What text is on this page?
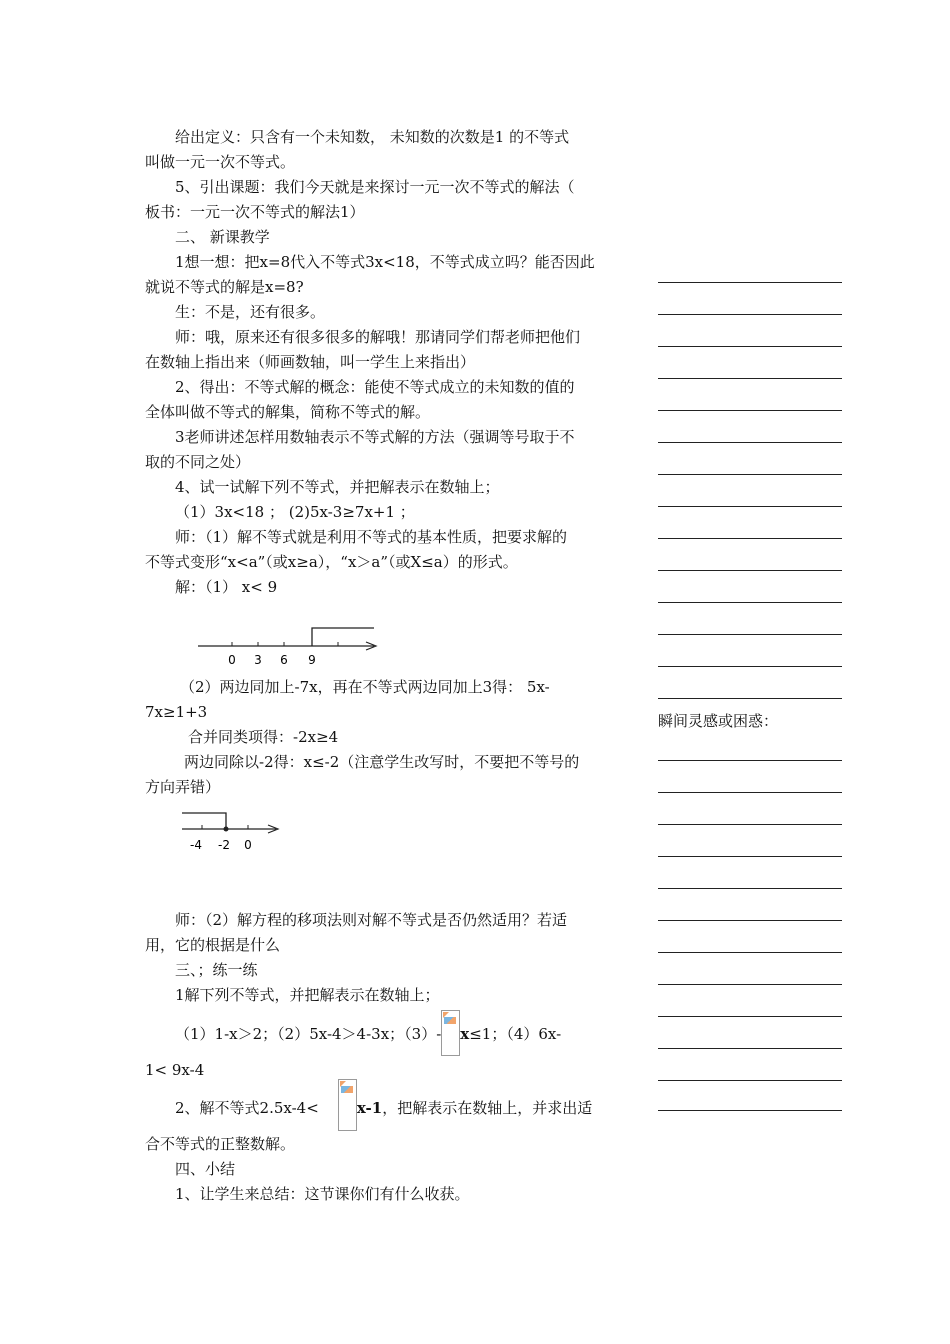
给出定义：只含有一个未知数， 未知数的次数是1 的不等式
叫做一元一次不等式。
5、引出课题：我们今天就是来探讨一元一次不等式的解法（
板书：一元一次不等式的解法1）
二、 新课教学
1想一想：把x=8代入不等式3x<18，不等式成立吗？能否因此
就说不等式的解是x=8?
生：不是，还有很多。
师：哦，原来还有很多很多的解哦！那请同学们帮老师把他们
在数轴上指出来（师画数轴，叫一学生上来指出）
2、得出：不等式解的概念：能使不等式成立的未知数的值的
全体叫做不等式的解集，简称不等式的解。
3老师讲述怎样用数轴表示不等式解的方法（强调等号取于不
取的不同之处）
4、试一试解下列不等式，并把解表示在数轴上；
（1）3x<18 ； (2)5x-3≥7x+1 ；
师：（1）解不等式就是利用不等式的基本性质，把要求解的
不等式变形“x<a”（或x≥a），“x＞a”（或X≤a）的形式。
解：（1） x< 9
0 3 6 9
（2）两边同加上-7x，再在不等式两边同加上3得： 5x-
7x≥1+3
合并同类项得：-2x≥4
两边同除以-2得：x≤-2（注意学生改写时，不要把不等号的
方向弄错）
-4 -2 0
师：（2）解方程的移项法则对解不等式是否仍然适用？若适
用，它的根据是什么
三、；练一练
1解下列不等式，并把解表示在数轴上；
（1）1-x＞2；（2）5x-4＞4-3x；（3）- x≤1；（4）6x-
1< 9x-4
2、解不等式2.5x-4<	x-1，把解表示在数轴上，并求出适
合不等式的正整数解。
四、小结
1、让学生来总结：这节课你们有什么收获。
瞬间灵感或困惑：
